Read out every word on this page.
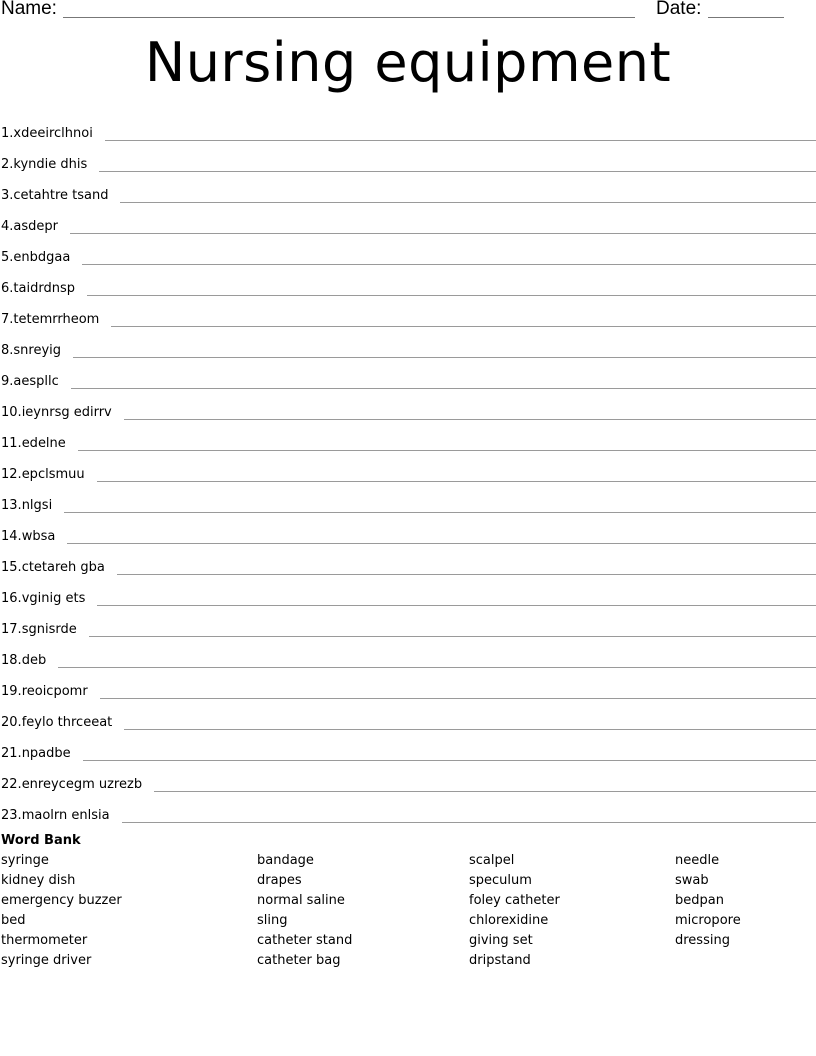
Name:	Date:
Nursing equipment
1. xdeeirclhnoi
2. kyndie dhis
3. cetahtre tsand
4. asdepr
5. enbdgaa
6. taidrdnsp
7. tetemrrheom
8. snreyig
9. aespllc
10. ieynrsg edirrv
11. edelne
12. epclsmuu
13. nlgsi
14. wbsa
15. ctetareh gba
16. vginig ets
17. sgnisrde
18. deb
19. reoicpomr
20. feylo thrceeat
21. npadbe
22. enreycegm uzrezb
23. maolrn enlsia
Word Bank
syringe
kidney dish
emergency buzzer
bed
thermometer
syringe driver
bandage
drapes
normal saline
sling
catheter stand
catheter bag
scalpel
speculum
foley catheter
chlorexidine
giving set
dripstand
needle
swab
bedpan
micropore
dressing
